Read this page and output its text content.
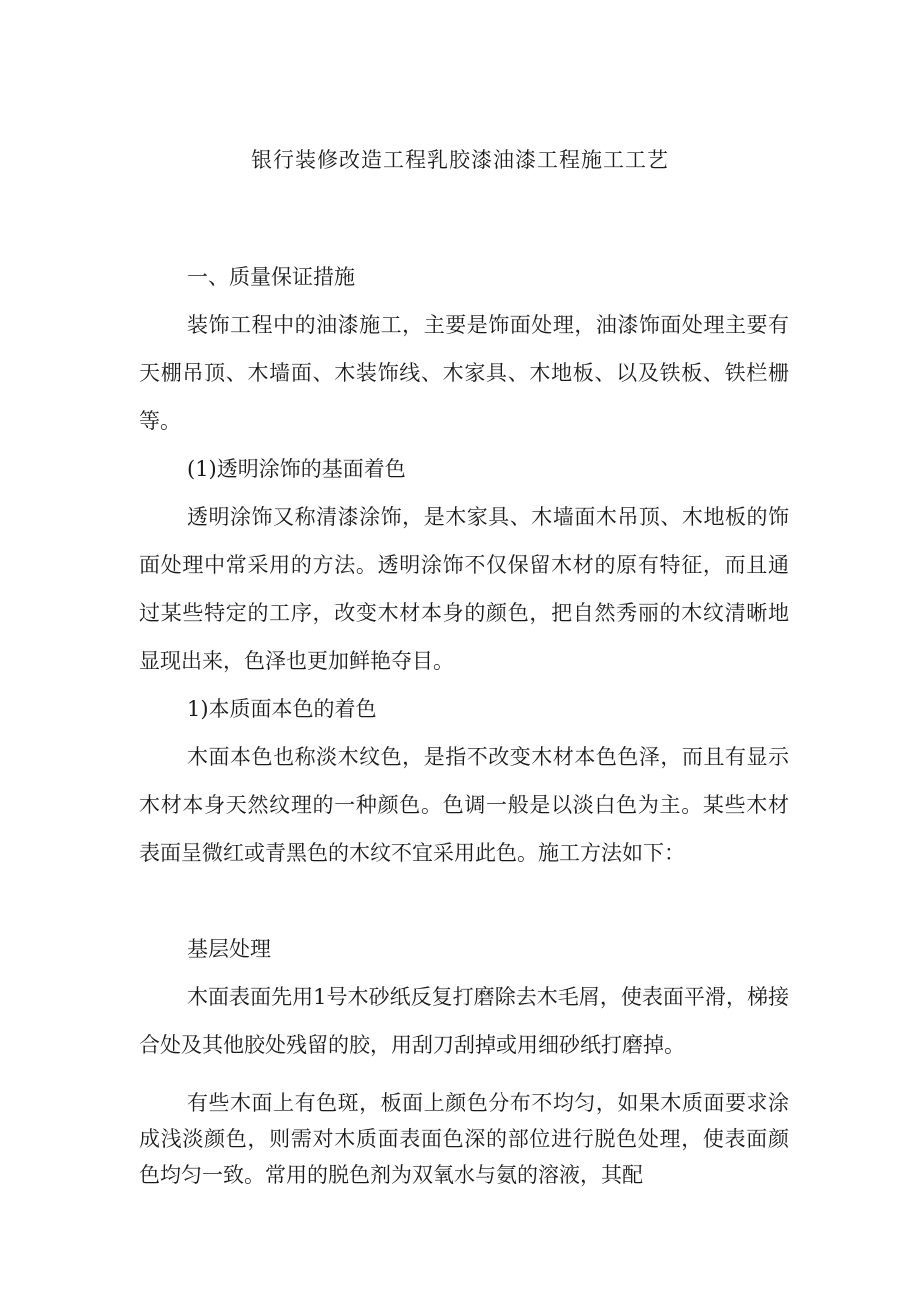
银行装修改造工程乳胶漆油漆工程施工工艺

一、质量保证措施

装饰工程中的油漆施工，主要是饰面处理，油漆饰面处理主要有天棚吊顶、木墙面、木装饰线、木家具、木地板、以及铁板、铁栏栅等。

(1)透明涂饰的基面着色

透明涂饰又称清漆涂饰，是木家具、木墙面木吊顶、木地板的饰面处理中常采用的方法。透明涂饰不仅保留木材的原有特征，而且通过某些特定的工序，改变木材本身的颜色，把自然秀丽的木纹清晰地显现出来，色泽也更加鲜艳夺目。

1)本质面本色的着色

木面本色也称淡木纹色，是指不改变木材本色色泽，而且有显示木材本身天然纹理的一种颜色。色调一般是以淡白色为主。某些木材表面呈微红或青黑色的木纹不宜采用此色。施工方法如下：

基层处理

木面表面先用1号木砂纸反复打磨除去木毛屑，使表面平滑，梯接合处及其他胶处残留的胶，用刮刀刮掉或用细砂纸打磨掉。

有些木面上有色斑，板面上颜色分布不均匀，如果木质面要求涂成浅淡颜色，则需对木质面表面色深的部位进行脱色处理，使表面颜色均匀一致。常用的脱色剂为双氧水与氨的溶液，其配
